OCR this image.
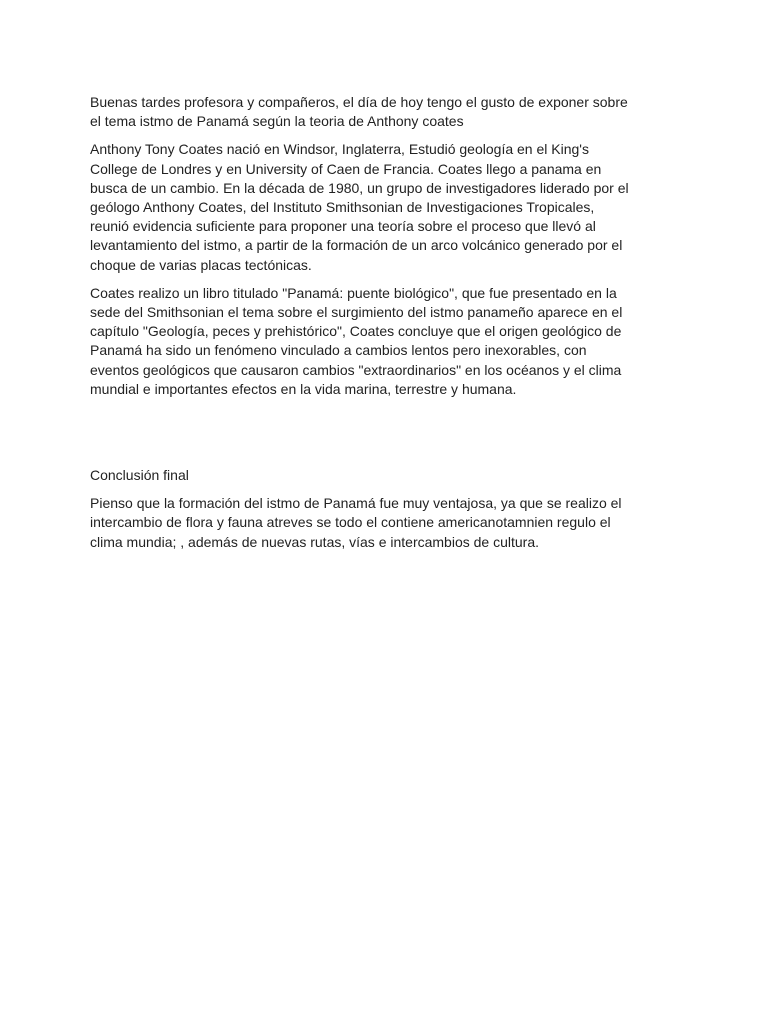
Buenas tardes profesora y compañeros, el día de hoy tengo el gusto de exponer sobre
el tema istmo de Panamá según la teoria de Anthony coates

Anthony Tony Coates nació en Windsor, Inglaterra, Estudió geología en el King's
College de Londres y en University of Caen de Francia. Coates llego a panama en
busca de un cambio. En la década de 1980, un grupo de investigadores liderado por el
geólogo Anthony Coates, del Instituto Smithsonian de Investigaciones Tropicales,
reunió evidencia suficiente para proponer una teoría sobre el proceso que llevó al
levantamiento del istmo, a partir de la formación de un arco volcánico generado por el
choque de varias placas tectónicas.

Coates realizo un libro titulado "Panamá: puente biológico", que fue presentado en la
sede del Smithsonian el tema sobre el surgimiento del istmo panameño aparece en el
capítulo "Geología, peces y prehistórico", Coates concluye que el origen geológico de
Panamá ha sido un fenómeno vinculado a cambios lentos pero inexorables, con
eventos geológicos que causaron cambios "extraordinarios" en los océanos y el clima
mundial e importantes efectos en la vida marina, terrestre y humana.

Conclusión final

Pienso que la formación del istmo de Panamá fue muy ventajosa, ya que se realizo el
intercambio de flora y fauna atreves se todo el contiene americanotamnien regulo el
clima mundia; , además de nuevas rutas, vías e intercambios de cultura.
